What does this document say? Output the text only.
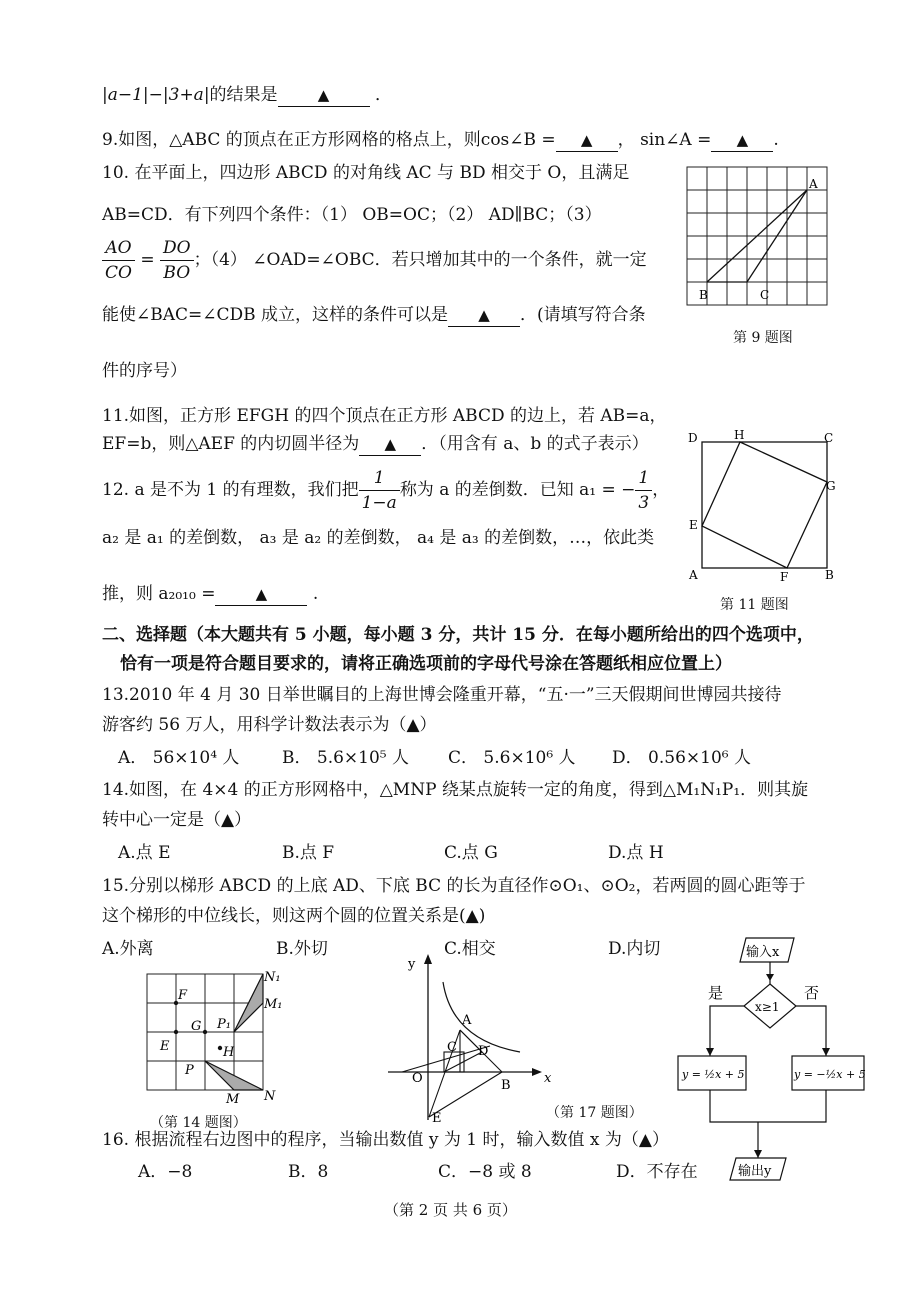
|a−1|−|3+a|的结果是	▲ ．
9.如图，△ABC 的顶点在正方形网格的格点上，则cos∠B = ▲ ， sin∠A = ▲ .
10. 在平面上，四边形 ABCD 的对角线 AC 与 BD 相交于 O，且满足
AB=CD．有下列四个条件：（1） OB=OC；（2） AD∥BC；（3）
$\frac{AO}{CO} = \frac{DO}{BO}$ ；（4） ∠OAD=∠OBC．若只增加其中的一个条件，就一定
能使∠BAC=∠CDB 成立，这样的条件可以是 ▲ ．(请填写符合条
件的序号）
A
B	C
第 9 题图
11.如图，正方形 EFGH 的四个顶点在正方形 ABCD 的边上，若 AB=a，
EF=b，则△AEF 的内切圆半径为 ▲ ．（用含有 a、b 的式子表示）	D	H	C
G
E
A	F	B
第 11 题图
12. a 是不为 1 的有理数，我们把 $\frac{1}{1-a}$ 称为 a 的差倒数．已知 a₁ = − $\frac{1}{3}$ ，
a₂ 是 a₁ 的差倒数， a₃ 是 a₂ 的差倒数， a₄ 是 a₃ 的差倒数，…，依此类
推，则 a₂₀₁₀ =	▲ .
二、选择题（本大题共有 5 小题，每小题 3 分，共计 15 分．在每小题所给出的四个选项中，
恰有一项是符合题目要求的，请将正确选项前的字母代号涂在答题纸相应位置上）
13.2010 年 4 月 30 日举世瞩目的上海世博会隆重开幕，“五·一”三天假期间世博园共接待
游客约 56 万人，用科学计数法表示为（▲）
A． 56×10⁴ 人	B． 5.6×10⁵ 人 C． 5.6×10⁶ 人 D． 0.56×10⁶ 人
14.如图，在 4×4 的正方形网格中，△MNP 绕某点旋转一定的角度，得到△M₁N₁P₁．则其旋
转中心一定是（▲）
A.点 E	B.点 F	C.点 G	D.点 H
15.分别以梯形 ABCD 的上底 AD、下底 BC 的长为直径作⊙O₁、⊙O₂，若两圆的圆心距等于
这个梯形的中位线长，则这两个圆的位置关系是(▲)
A.外离	B.外切	C.相交	D.内切
N₁
F
M₁
G P₁
E	H
P
M N
（第 14 题图）
y
A
C D
O	B	x
E	（第 17 题图）
输入x
x≥1
是	否
y = ½x + 5	y = −½x + 5
输出y
16. 根据流程右边图中的程序，当输出数值 y 为 1 时，输入数值 x 为（▲）
A．−8	B．8	C．−8 或 8	D．不存在
（第 2 页 共 6 页）
